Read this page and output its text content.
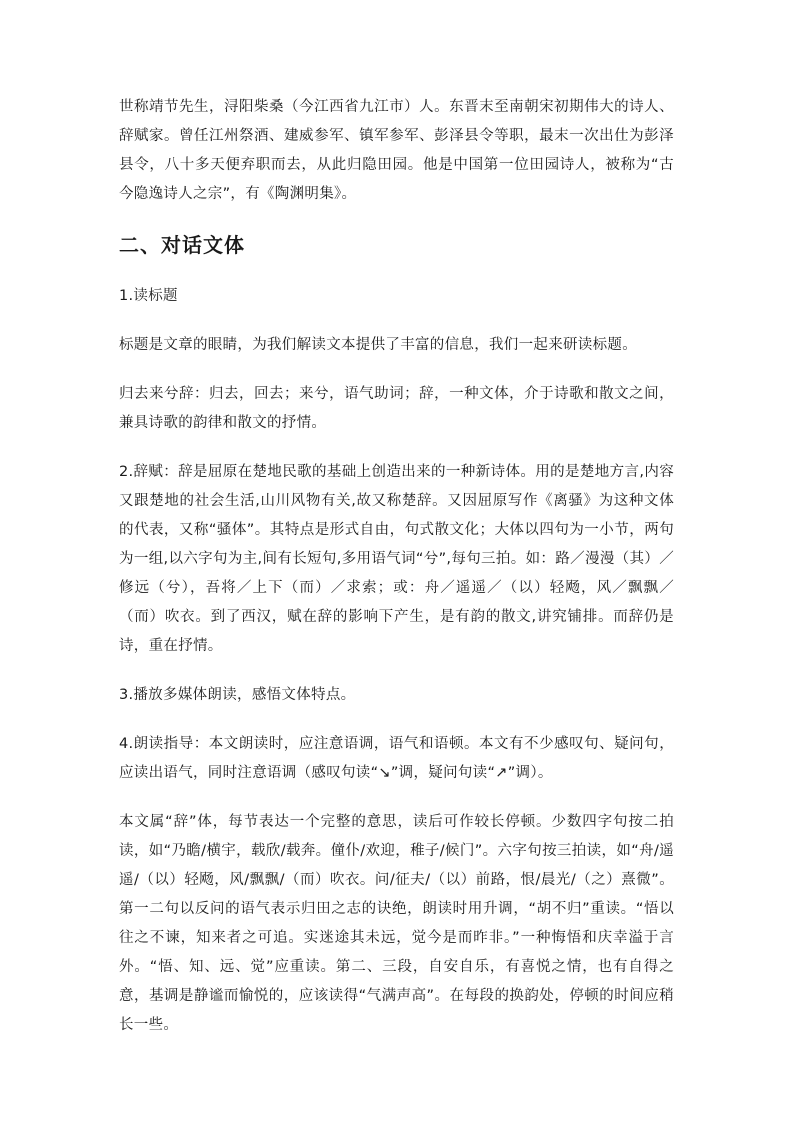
世称靖节先生，浔阳柴桑（今江西省九江市）人。东晋末至南朝宋初期伟大的诗人、辞赋家。曾任江州祭酒、建威参军、镇军参军、彭泽县令等职，最末一次出仕为彭泽县令，八十多天便弃职而去，从此归隐田园。他是中国第一位田园诗人，被称为“古今隐逸诗人之宗”，有《陶渊明集》。

二、对话文体

1.读标题

标题是文章的眼睛，为我们解读文本提供了丰富的信息，我们一起来研读标题。

归去来兮辞：归去，回去；来兮，语气助词；辞，一种文体，介于诗歌和散文之间，兼具诗歌的韵律和散文的抒情。

2.辞赋：辞是屈原在楚地民歌的基础上创造出来的一种新诗体。用的是楚地方言,内容又跟楚地的社会生活,山川风物有关,故又称楚辞。又因屈原写作《离骚》为这种文体的代表，又称“骚体”。其特点是形式自由，句式散文化；大体以四句为一小节，两句为一组,以六字句为主,间有长短句,多用语气词“兮”,每句三拍。如：路／漫漫（其）／修远（兮），吾将／上下（而）／求索；或：舟／遥遥／（以）轻飏，风／飘飘／（而）吹衣。到了西汉，赋在辞的影响下产生，是有韵的散文,讲究铺排。而辞仍是诗，重在抒情。

3.播放多媒体朗读，感悟文体特点。

4.朗读指导：本文朗读时，应注意语调，语气和语顿。本文有不少感叹句、疑问句，应读出语气，同时注意语调（感叹句读“↘”调，疑问句读“↗”调）。

本文属“辞”体，每节表达一个完整的意思，读后可作较长停顿。少数四字句按二拍读，如“乃瞻/横宇，载欣/载奔。僮仆/欢迎，稚子/候门”。六字句按三拍读，如“舟/遥遥/（以）轻飏，风/飘飘/（而）吹衣。问/征夫/（以）前路，恨/晨光/（之）熹微”。第一二句以反问的语气表示归田之志的诀绝，朗读时用升调，“胡不归”重读。“悟以往之不谏，知来者之可追。实迷途其未远，觉今是而昨非。”一种悔悟和庆幸溢于言外。“悟、知、远、觉”应重读。第二、三段，自安自乐，有喜悦之情，也有自得之意，基调是静谧而愉悦的，应该读得“气满声高”。在每段的换韵处，停顿的时间应稍长一些。
